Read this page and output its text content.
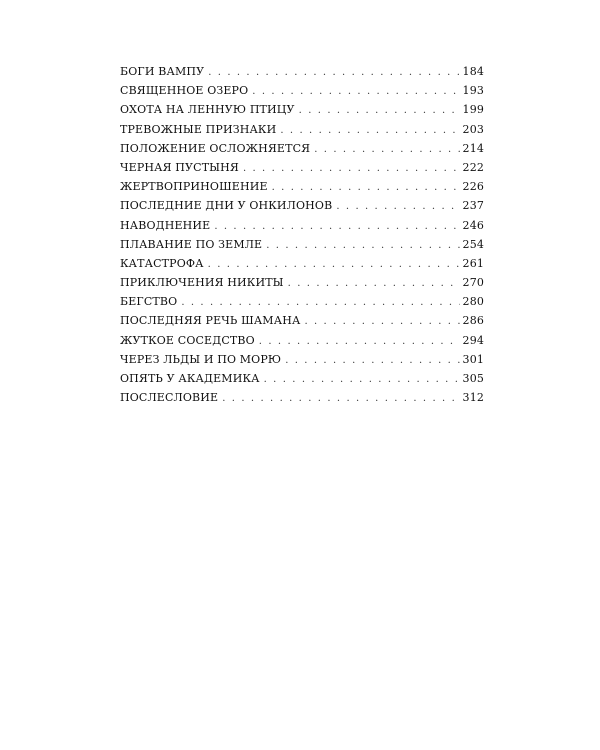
БОГИ ВАМПУ . . .	184
СВЯЩЕННОЕ ОЗЕРО . . .	193
ОХОТА НА ЛЕННУЮ ПТИЦУ . . .	199
ТРЕВОЖНЫЕ ПРИЗНАКИ . . .	203
ПОЛОЖЕНИЕ ОСЛОЖНЯЕТСЯ . . .	214
ЧЕРНАЯ ПУСТЫНЯ . . .	222
ЖЕРТВОПРИНОШЕНИЕ . . .	226
ПОСЛЕДНИЕ ДНИ У ОНКИЛОНОВ . . .	237
НАВОДНЕНИЕ . . .	246
ПЛАВАНИЕ ПО ЗЕМЛЕ . . .	254
КАТАСТРОФА . . .	261
ПРИКЛЮЧЕНИЯ НИКИТЫ . . .	270
БЕГСТВО . . .	280
ПОСЛЕДНЯЯ РЕЧЬ ШАМАНА . . .	286
ЖУТКОЕ СОСЕДСТВО . . .	294
ЧЕРЕЗ ЛЬДЫ И ПО МОРЮ . . .	301
ОПЯТЬ У АКАДЕМИКА . . .	305
ПОСЛЕСЛОВИЕ . . .	312
